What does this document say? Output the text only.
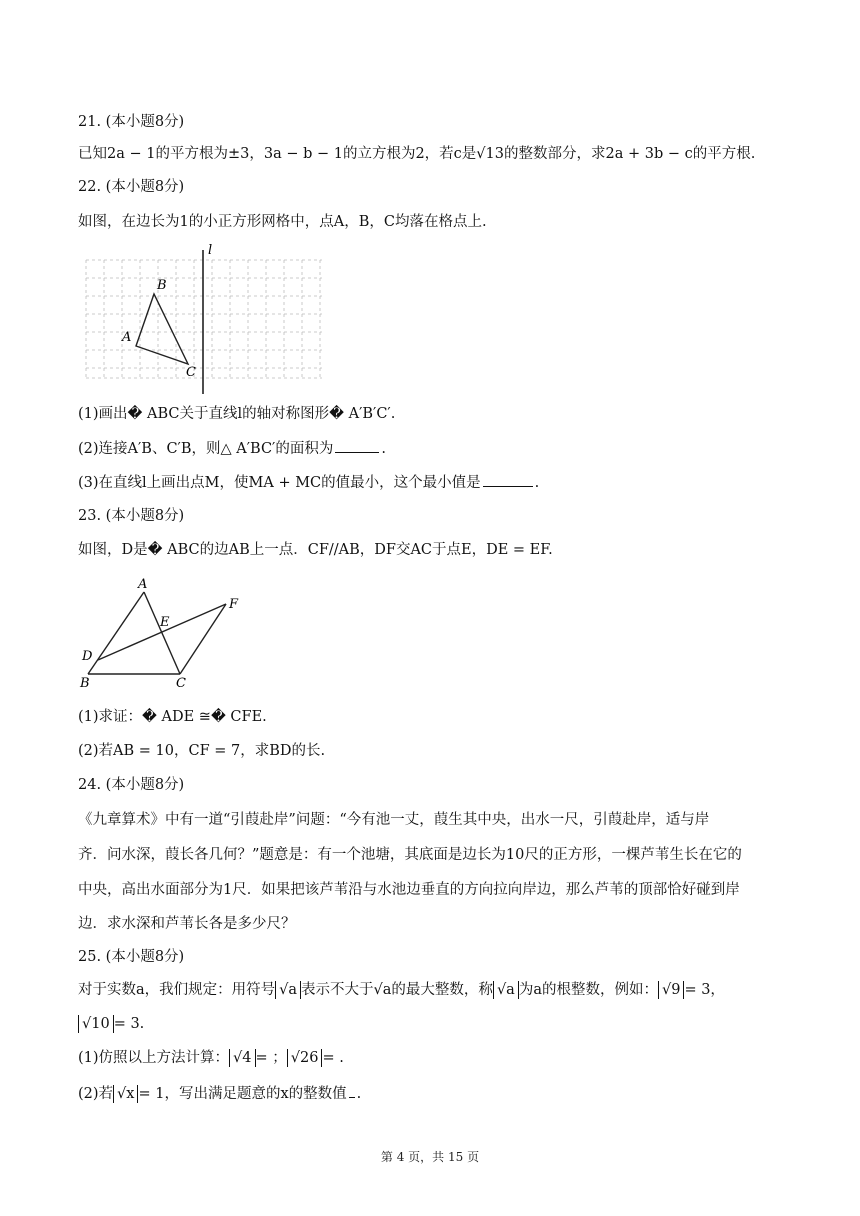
21. (本小题8分)
已知2a − 1的平方根为±3，3a − b − 1的立方根为2，若c是√13的整数部分，求2a + 3b − c的平方根.
22. (本小题8分)
如图，在边长为1的小正方形网格中，点A，B，C均落在格点上.
l
B
A
C
(1)画出� ABC关于直线l的轴对称图形� A′B′C′.
(2)连接A′B、C′B，则△ A′BC′的面积为	.
(3)在直线l上画出点M，使MA + MC的值最小，这个最小值是	.
23. (本小题8分)
如图，D是� ABC的边AB上一点．CF//AB，DF交AC于点E，DE = EF.
A
E
F
D
B	C
(1)求证：� ADE ≅� CFE.
(2)若AB = 10，CF = 7，求BD的长.
24. (本小题8分)
《九章算术》中有一道“引葭赴岸”问题：“今有池一丈，葭生其中央，出水一尺，引葭赴岸，适与岸
齐．问水深，葭长各几何？”题意是：有一个池塘，其底面是边长为10尺的正方形，一棵芦苇生长在它的
中央，高出水面部分为1尺．如果把该芦苇沿与水池边垂直的方向拉向岸边，那么芦苇的顶部恰好碰到岸
边．求水深和芦苇长各是多少尺？
25. (本小题8分)
对于实数a，我们规定：用符号 √a 表示不大于√a的最大整数，称 √a 为a的根整数，例如： √9 = 3，
√10 = 3.
(1)仿照以上方法计算： √4 = ； √26 = .
(2)若 √x = 1，写出满足题意的x的整数值 .
第 4 页，共 15 页
